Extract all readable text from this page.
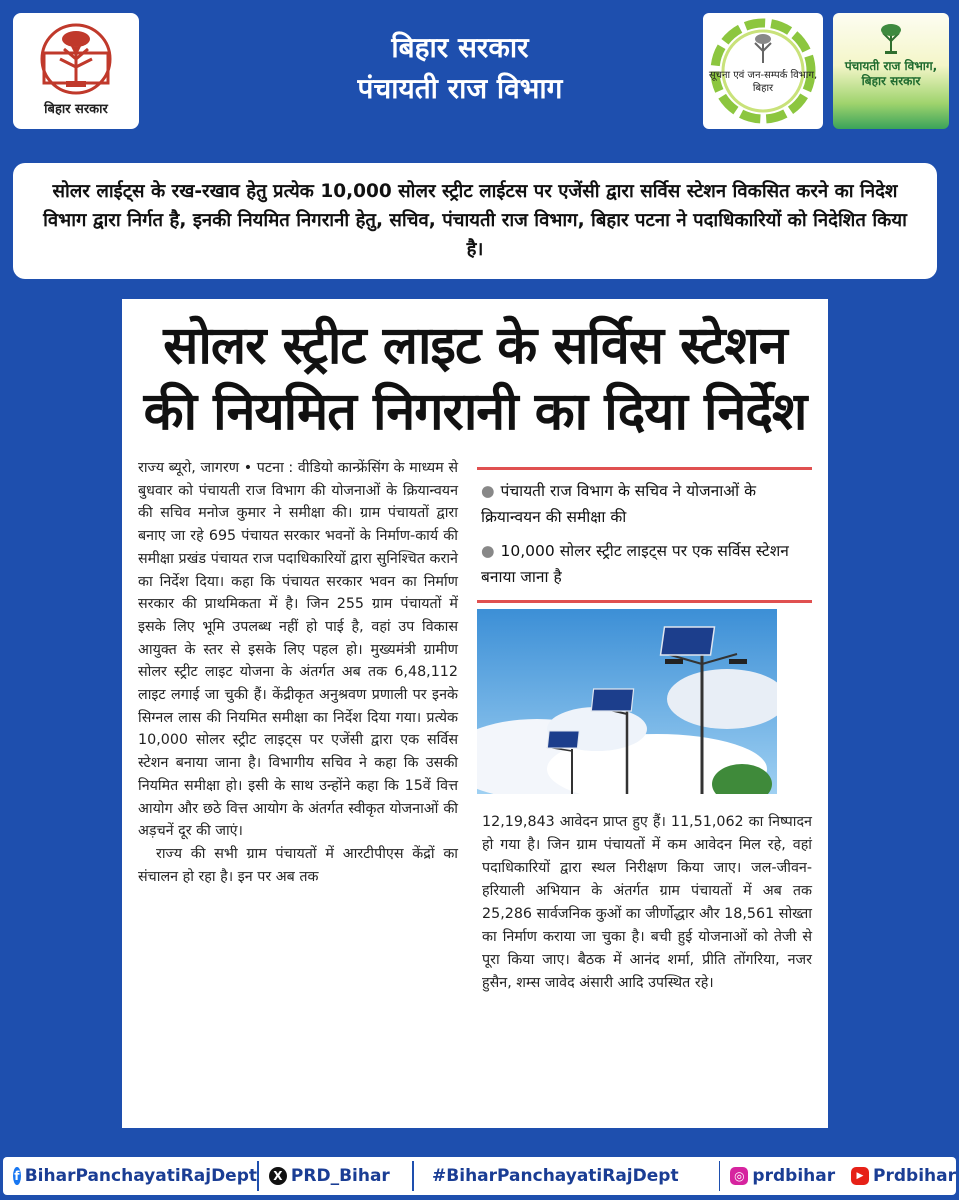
बिहार सरकार
बिहार सरकार
पंचायती राज विभाग	सूचना एवं जन-सम्पर्क विभाग, बिहार
पंचायती राज विभाग, बिहार सरकार
सोलर लाईट्स के रख-रखाव हेतु प्रत्येक 10,000 सोलर स्ट्रीट लाईटस पर एजेंसी द्वारा सर्विस स्टेशन विकसित करने का निदेश विभाग द्वारा निर्गत है, इनकी नियमित निगरानी हेतु, सचिव, पंचायती राज विभाग, बिहार पटना ने पदाधिकारियों को निदेशित किया है।
सोलर स्ट्रीट लाइट के सर्विस स्टेशन
की नियमित निगरानी का दिया निर्देश

राज्य ब्यूरो, जागरण • पटना : वीडियो कान्फ्रेंसिंग के माध्यम से बुधवार को पंचायती राज विभाग की योजनाओं के क्रियान्वयन की सचिव मनोज कुमार ने समीक्षा की। ग्राम पंचायतों द्वारा बनाए जा रहे 695 पंचायत सरकार भवनों के निर्माण-कार्य की समीक्षा प्रखंड पंचायत राज पदाधिकारियों द्वारा सुनिश्चित कराने का निर्देश दिया। कहा कि पंचायत सरकार भवन का निर्माण सरकार की प्राथमिकता में है। जिन 255 ग्राम पंचायतों में इसके लिए भूमि उपलब्ध नहीं हो पाई है, वहां उप विकास आयुक्त के स्तर से इसके लिए पहल हो। मुख्यमंत्री ग्रामीण सोलर स्ट्रीट लाइट योजना के अंतर्गत अब तक 6,48,112 लाइट लगाई जा चुकी हैं। केंद्रीकृत अनुश्रवण प्रणाली पर इनके सिग्नल लास की नियमित समीक्षा का निर्देश दिया गया। प्रत्येक 10,000 सोलर स्ट्रीट लाइट्स पर एजेंसी द्वारा एक सर्विस स्टेशन बनाया जाना है। विभागीय सचिव ने कहा कि उसकी नियमित समीक्षा हो। इसी के साथ उन्होंने कहा कि 15वें वित्त आयोग और छठे वित्त आयोग के अंतर्गत स्वीकृत योजनाओं की अड़चनें दूर की जाएं।

राज्य की सभी ग्राम पंचायतों में आरटीपीएस केंद्रों का संचालन हो रहा है। इन पर अब तक

● पंचायती राज विभाग के सचिव ने योजनाओं के क्रियान्वयन की समीक्षा की
● 10,000 सोलर स्ट्रीट लाइट्स पर एक सर्विस स्टेशन बनाया जाना है
12,19,843 आवेदन प्राप्त हुए हैं। 11,51,062 का निष्पादन हो गया है। जिन ग्राम पंचायतों में कम आवेदन मिल रहे, वहां पदाधिकारियों द्वारा स्थल निरीक्षण किया जाए। जल-जीवन-हरियाली अभियान के अंतर्गत ग्राम पंचायतों में अब तक 25,286 सार्वजनिक कुओं का जीर्णोद्धार और 18,561 सोख्ता का निर्माण कराया जा चुका है। बची हुई योजनाओं को तेजी से पूरा किया जाए। बैठक में आनंद शर्मा, प्रीति तोंगरिया, नजर हुसैन, शम्स जावेद अंसारी आदि उपस्थित रहे।
f BiharPanchayatiRajDept	X PRD_Bihar #BiharPanchayatiRajDept	◎ prdbihar	▶ Prdbihar
